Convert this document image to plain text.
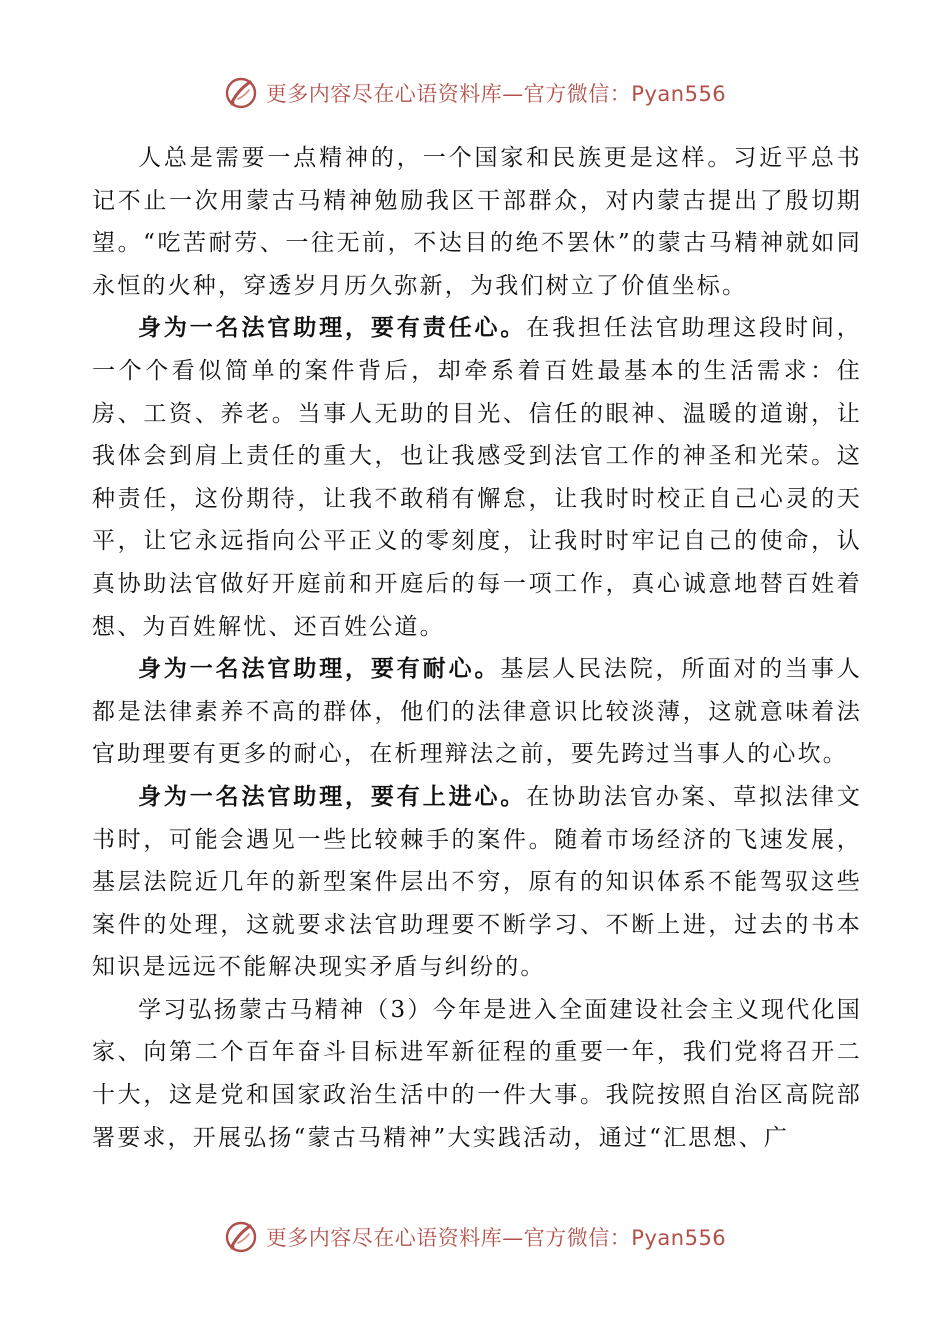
更多内容尽在心语资料库—官方微信：Pyan556

人总是需要一点精神的，一个国家和民族更是这样。习近平总书记不止一次用蒙古马精神勉励我区干部群众，对内蒙古提出了殷切期望。“吃苦耐劳、一往无前，不达目的绝不罢休”的蒙古马精神就如同永恒的火种，穿透岁月历久弥新，为我们树立了价值坐标。

身为一名法官助理，要有责任心。在我担任法官助理这段时间，一个个看似简单的案件背后，却牵系着百姓最基本的生活需求：住房、工资、养老。当事人无助的目光、信任的眼神、温暖的道谢，让我体会到肩上责任的重大，也让我感受到法官工作的神圣和光荣。这种责任，这份期待，让我不敢稍有懈怠，让我时时校正自己心灵的天平，让它永远指向公平正义的零刻度，让我时时牢记自己的使命，认真协助法官做好开庭前和开庭后的每一项工作，真心诚意地替百姓着想、为百姓解忧、还百姓公道。

身为一名法官助理，要有耐心。基层人民法院，所面对的当事人都是法律素养不高的群体，他们的法律意识比较淡薄，这就意味着法官助理要有更多的耐心，在析理辩法之前，要先跨过当事人的心坎。

身为一名法官助理，要有上进心。在协助法官办案、草拟法律文书时，可能会遇见一些比较棘手的案件。随着市场经济的飞速发展，基层法院近几年的新型案件层出不穷，原有的知识体系不能驾驭这些案件的处理，这就要求法官助理要不断学习、不断上进，过去的书本知识是远远不能解决现实矛盾与纠纷的。

学习弘扬蒙古马精神（3）今年是进入全面建设社会主义现代化国家、向第二个百年奋斗目标进军新征程的重要一年，我们党将召开二十大，这是党和国家政治生活中的一件大事。我院按照自治区高院部署要求，开展弘扬“蒙古马精神”大实践活动，通过“汇思想、广

更多内容尽在心语资料库—官方微信：Pyan556
